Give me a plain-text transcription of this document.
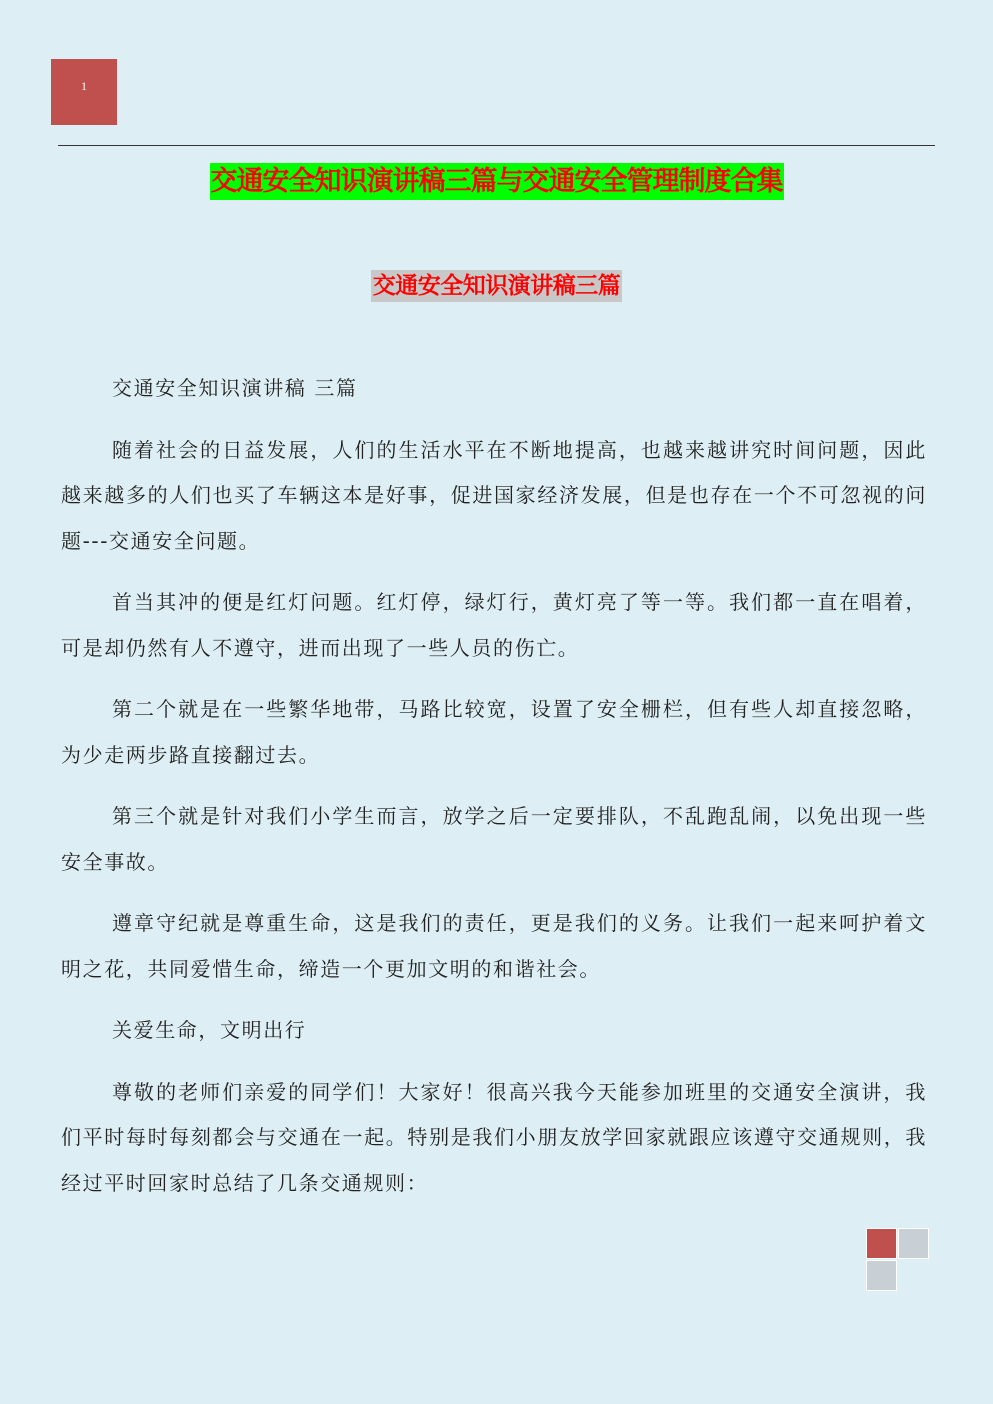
1
交通安全知识演讲稿三篇与交通安全管理制度合集
交通安全知识演讲稿三篇

交通安全知识演讲稿 三篇

随着社会的日益发展，人们的生活水平在不断地提高，也越来越讲究时间问题，因此越来越多的人们也买了车辆这本是好事，促进国家经济发展，但是也存在一个不可忽视的问题---交通安全问题。

首当其冲的便是红灯问题。红灯停，绿灯行，黄灯亮了等一等。我们都一直在唱着，可是却仍然有人不遵守，进而出现了一些人员的伤亡。

第二个就是在一些繁华地带，马路比较宽，设置了安全栅栏，但有些人却直接忽略，为少走两步路直接翻过去。

第三个就是针对我们小学生而言，放学之后一定要排队，不乱跑乱闹，以免出现一些安全事故。

遵章守纪就是尊重生命，这是我们的责任，更是我们的义务。让我们一起来呵护着文明之花，共同爱惜生命，缔造一个更加文明的和谐社会。

关爱生命，文明出行

尊敬的老师们亲爱的同学们！大家好！很高兴我今天能参加班里的交通安全演讲，我们平时每时每刻都会与交通在一起。特别是我们小朋友放学回家就跟应该遵守交通规则，我经过平时回家时总结了几条交通规则：
